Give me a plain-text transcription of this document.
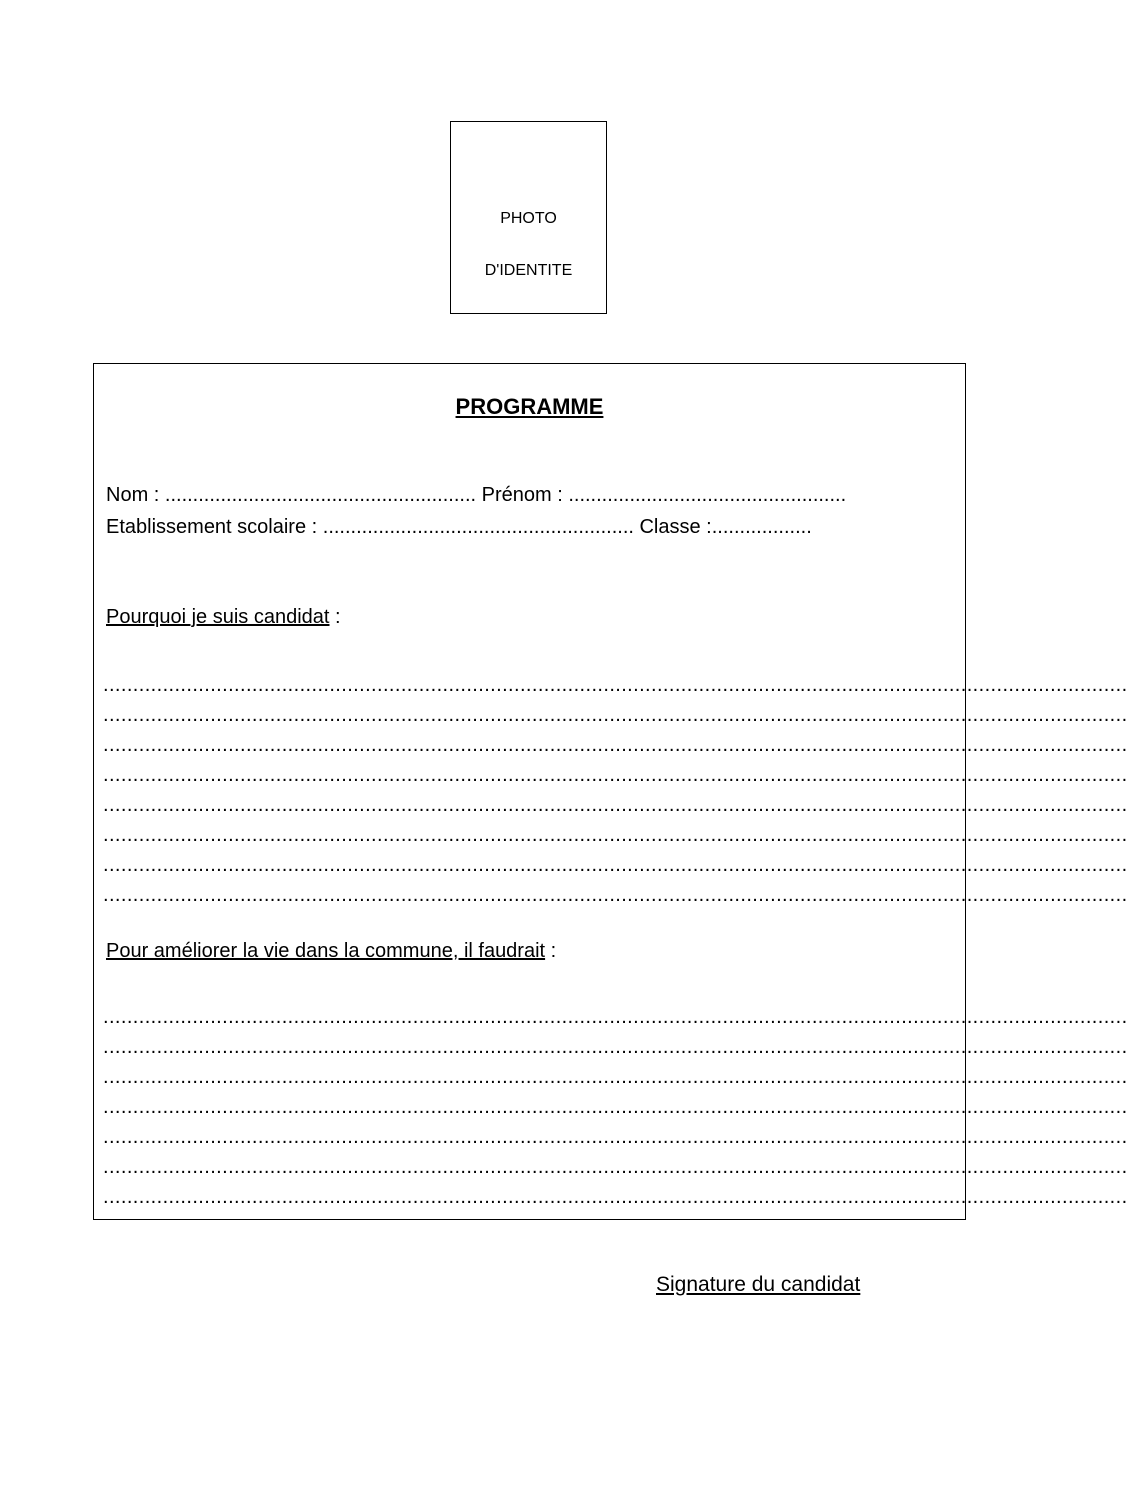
PHOTO
D'IDENTITE
PROGRAMME
Nom : ........................................................ Prénom : ..................................................
Etablissement scolaire : ........................................................ Classe :..................
Pourquoi je suis candidat :
............................................................................................................................................................................
............................................................................................................................................................................
............................................................................................................................................................................
............................................................................................................................................................................
............................................................................................................................................................................
............................................................................................................................................................................
............................................................................................................................................................................
............................................................................................................................................................................
Pour améliorer la vie dans la commune, il faudrait :
............................................................................................................................................................................
............................................................................................................................................................................
............................................................................................................................................................................
............................................................................................................................................................................
............................................................................................................................................................................
............................................................................................................................................................................
............................................................................................................................................................................
Signature du candidat
